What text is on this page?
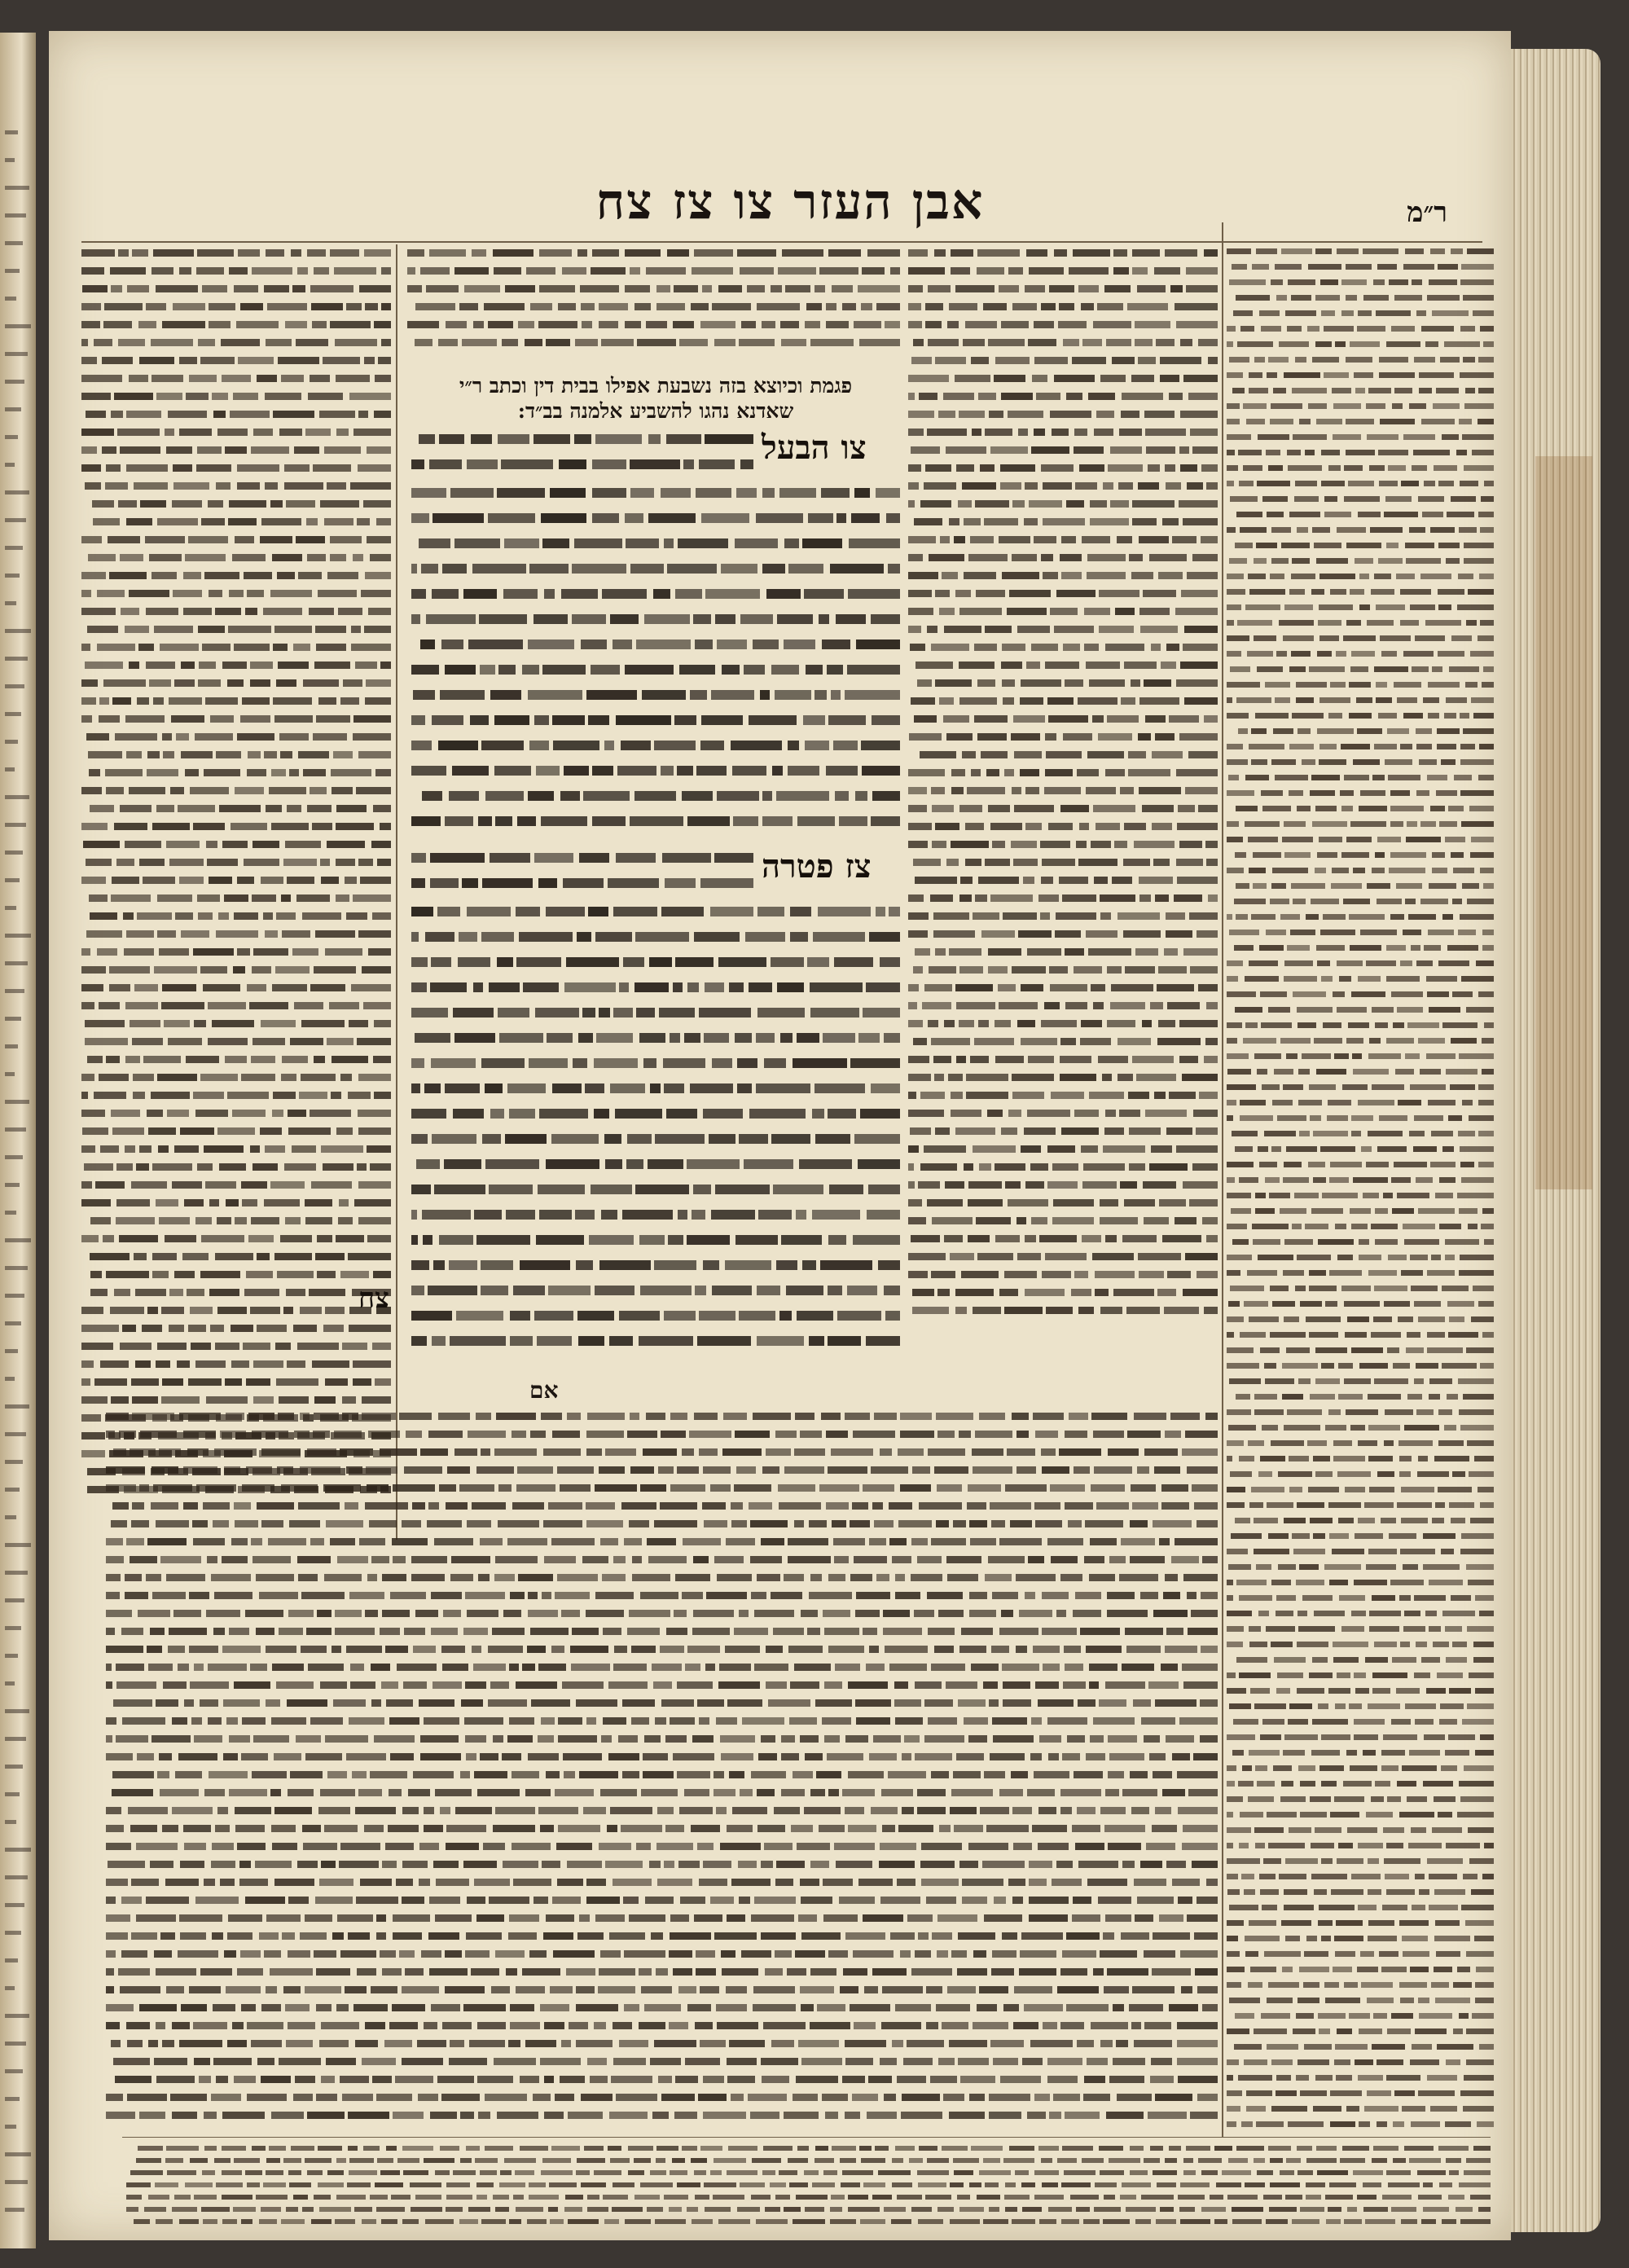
אבן העזר צו צז צח	ר״מ
פגמת וכיוצא בזה נשבעת אפילו בבית דין וכתב ר״י שאדנא נהגו להשביע אלמנה בב״ד:
צו הבעל
צז פטרה
אם
צח
